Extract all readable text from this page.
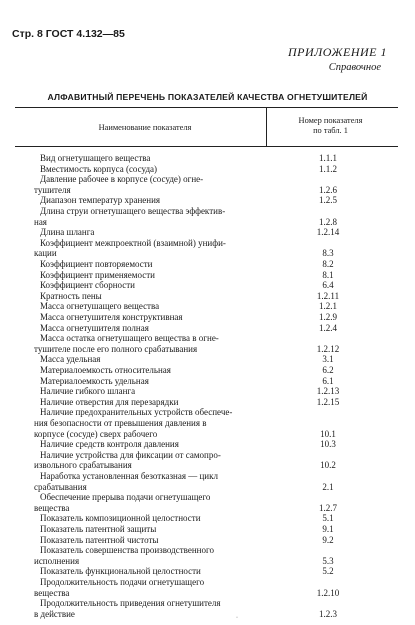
Стр. 8 ГОСТ 4.132—85
ПРИЛОЖЕНИЕ 1
Справочное
АЛФАВИТНЫЙ ПЕРЕЧЕНЬ ПОКАЗАТЕЛЕЙ КАЧЕСТВА ОГНЕТУШИТЕЛЕЙ
Наименование показателя
Номер показателя
по табл. 1
Вид огнетушащего вещества	1.1.1
Вместимость корпуса (сосуда)	1.1.2
Давление рабочее в корпусе (сосуде) огне-
тушителя	1.2.6
Диапазон температур хранения	1.2.5
Длина струи огнетушащего вещества эффектив-
ная	1.2.8
Длина шланга	1.2.14
Коэффициент межпроектной (взаимной) унифи-
кации	8.3
Коэффициент повторяемости	8.2
Коэффициент применяемости	8.1
Коэффициент сборности	6.4
Кратность пены	1.2.11
Масса огнетушащего вещества	1.2.1
Масса огнетушителя конструктивная	1.2.9
Масса огнетушителя полная	1.2.4
Масса остатка огнетушащего вещества в огне-
тушителе после его полного срабатывания	1.2.12
Масса удельная	3.1
Материалоемкость относительная	6.2
Материалоемкость удельная	6.1
Наличие гибкого шланга	1.2.13
Наличие отверстия для перезарядки	1.2.15
Наличие предохранительных устройств обеспече-
ния безопасности от превышения давления в
корпусе (сосуде) сверх рабочего	10.1
Наличие средств контроля давления	10.3
Наличие устройства для фиксации от самопро-
извольного срабатывания	10.2
Наработка установленная безотказная — цикл
срабатывания	2.1
Обеспечение прерыва подачи огнетушащего
вещества	1.2.7
Показатель композиционной целостности	5.1
Показатель патентной защиты	9.1
Показатель патентной чистоты	9.2
Показатель совершенства производственного
исполнения	5.3
Показатель функциональной целостности	5.2
Продолжительность подачи огнетушащего
вещества	1.2.10
Продолжительность приведения огнетушителя
в действие	1.2.3
·
